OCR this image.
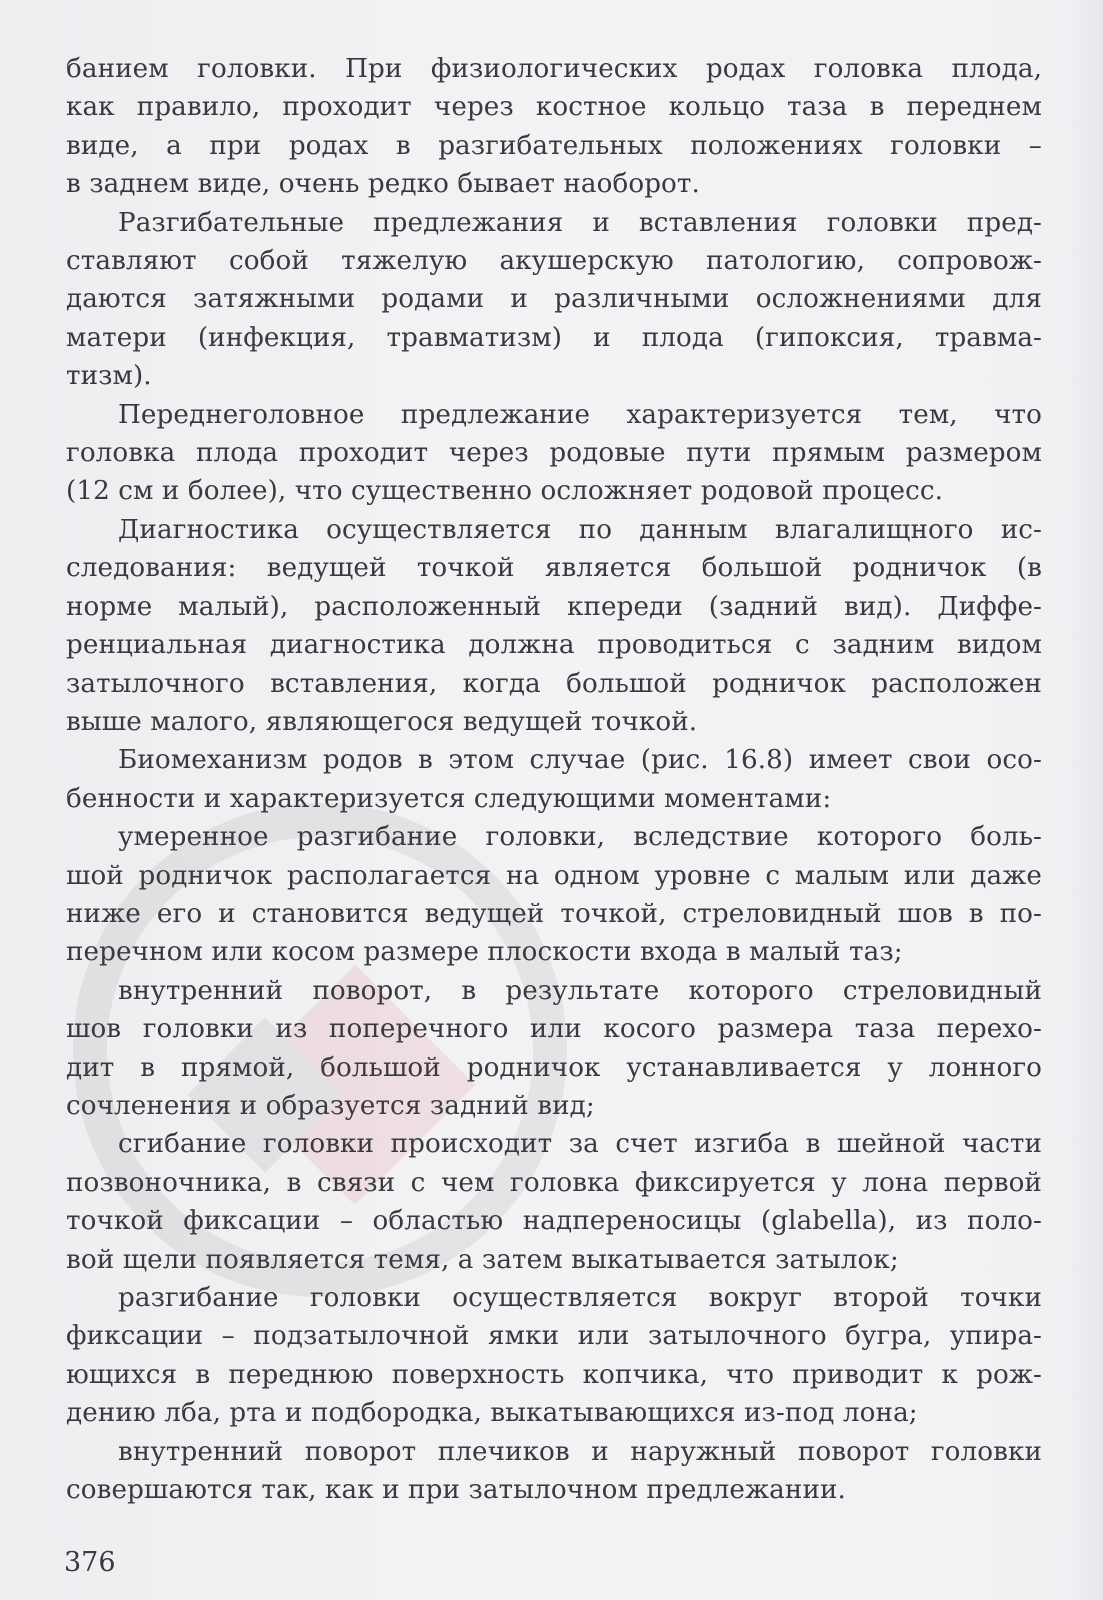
банием головки. При физиологических родах головка плода,
как правило, проходит через костное кольцо таза в переднем
виде, а при родах в разгибательных положениях головки –
в заднем виде, очень редко бывает наоборот.
Разгибательные предлежания и вставления головки пред-
ставляют собой тяжелую акушерскую патологию, сопровож-
даются затяжными родами и различными осложнениями для
матери (инфекция, травматизм) и плода (гипоксия, травма-
тизм).
Переднеголовное предлежание характеризуется тем, что
головка плода проходит через родовые пути прямым размером
(12 см и более), что существенно осложняет родовой процесс.
Диагностика осуществляется по данным влагалищного ис-
следования: ведущей точкой является большой родничок (в
норме малый), расположенный кпереди (задний вид). Диффе-
ренциальная диагностика должна проводиться с задним видом
затылочного вставления, когда большой родничок расположен
выше малого, являющегося ведущей точкой.
Биомеханизм родов в этом случае (рис. 16.8) имеет свои осо-
бенности и характеризуется следующими моментами:
умеренное разгибание головки, вследствие которого боль-
шой родничок располагается на одном уровне с малым или даже
ниже его и становится ведущей точкой, стреловидный шов в по-
перечном или косом размере плоскости входа в малый таз;
внутренний поворот, в результате которого стреловидный
шов головки из поперечного или косого размера таза перехо-
дит в прямой, большой родничок устанавливается у лонного
сочленения и образуется задний вид;
сгибание головки происходит за счет изгиба в шейной части
позвоночника, в связи с чем головка фиксируется у лона первой
точкой фиксации – областью надпереносицы (glabella), из поло-
вой щели появляется темя, а затем выкатывается затылок;
разгибание головки осуществляется вокруг второй точки
фиксации – подзатылочной ямки или затылочного бугра, упира-
ющихся в переднюю поверхность копчика, что приводит к рож-
дению лба, рта и подбородка, выкатывающихся из-под лона;
внутренний поворот плечиков и наружный поворот головки
совершаются так, как и при затылочном предлежании.
376
